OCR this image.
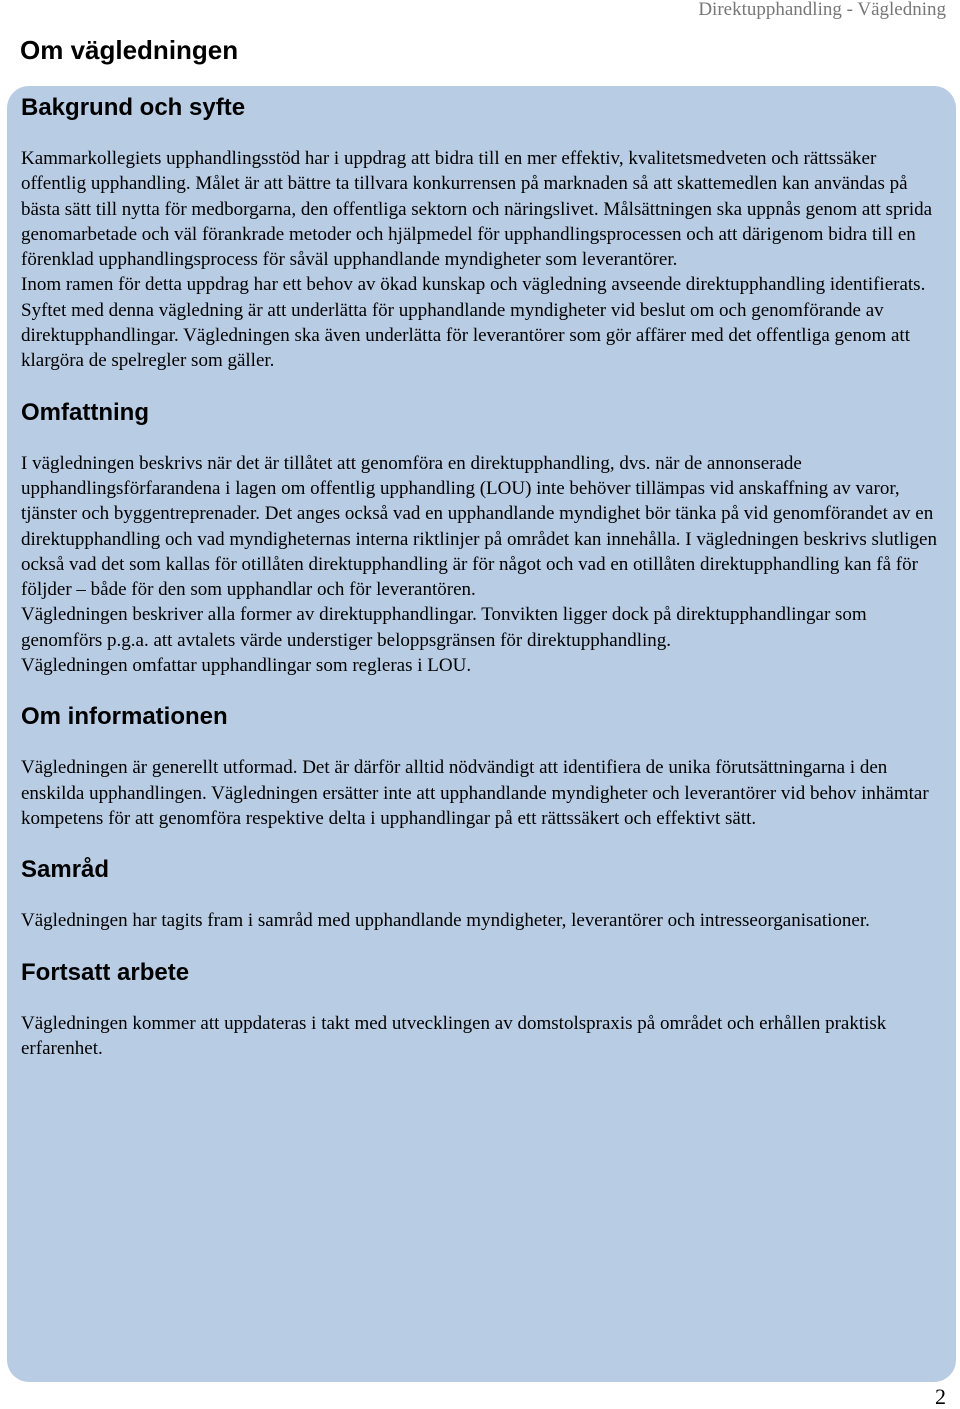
Direktupphandling - Vägledning
Om vägledningen
Bakgrund och syfte

Kammarkollegiets upphandlingsstöd har i uppdrag att bidra till en mer effektiv, kvalitetsmedveten och rättssäker offentlig upphandling. Målet är att bättre ta tillvara konkurrensen på marknaden så att skattemedlen kan användas på bästa sätt till nytta för medborgarna, den offentliga sektorn och näringslivet. Målsättningen ska uppnås genom att sprida genomarbetade och väl förankrade metoder och hjälpmedel för upphandlingsprocessen och att därigenom bidra till en förenklad upphandlingsprocess för såväl upphandlande myndigheter som leverantörer.

Inom ramen för detta uppdrag har ett behov av ökad kunskap och vägledning avseende direktupphandling identifierats.

Syftet med denna vägledning är att underlätta för upphandlande myndigheter vid beslut om och genomförande av direktupphandlingar. Vägledningen ska även underlätta för leverantörer som gör affärer med det offentliga genom att klargöra de spelregler som gäller.

Omfattning

I vägledningen beskrivs när det är tillåtet att genomföra en direktupphandling, dvs. när de annonserade upphandlingsförfarandena i lagen om offentlig upphandling (LOU) inte behöver tillämpas vid anskaffning av varor, tjänster och byggentreprenader. Det anges också vad en upphandlande myndighet bör tänka på vid genomförandet av en direktupphandling och vad myndigheternas interna riktlinjer på området kan innehålla. I vägledningen beskrivs slutligen också vad det som kallas för otillåten direktupphandling är för något och vad en otillåten direktupphandling kan få för följder – både för den som upphandlar och för leverantören.

Vägledningen beskriver alla former av direktupphandlingar. Tonvikten ligger dock på direktupphandlingar som genomförs p.g.a. att avtalets värde understiger beloppsgränsen för direktupphandling.

Vägledningen omfattar upphandlingar som regleras i LOU.

Om informationen

Vägledningen är generellt utformad. Det är därför alltid nödvändigt att identifiera de unika förutsättningarna i den enskilda upphandlingen. Vägledningen ersätter inte att upphandlande myndigheter och leverantörer vid behov inhämtar kompetens för att genomföra respektive delta i upphandlingar på ett rättssäkert och effektivt sätt.

Samråd

Vägledningen har tagits fram i samråd med upphandlande myndigheter, leverantörer och intresseorganisationer.

Fortsatt arbete

Vägledningen kommer att uppdateras i takt med utvecklingen av domstolspraxis på området och erhållen praktisk erfarenhet.

2
